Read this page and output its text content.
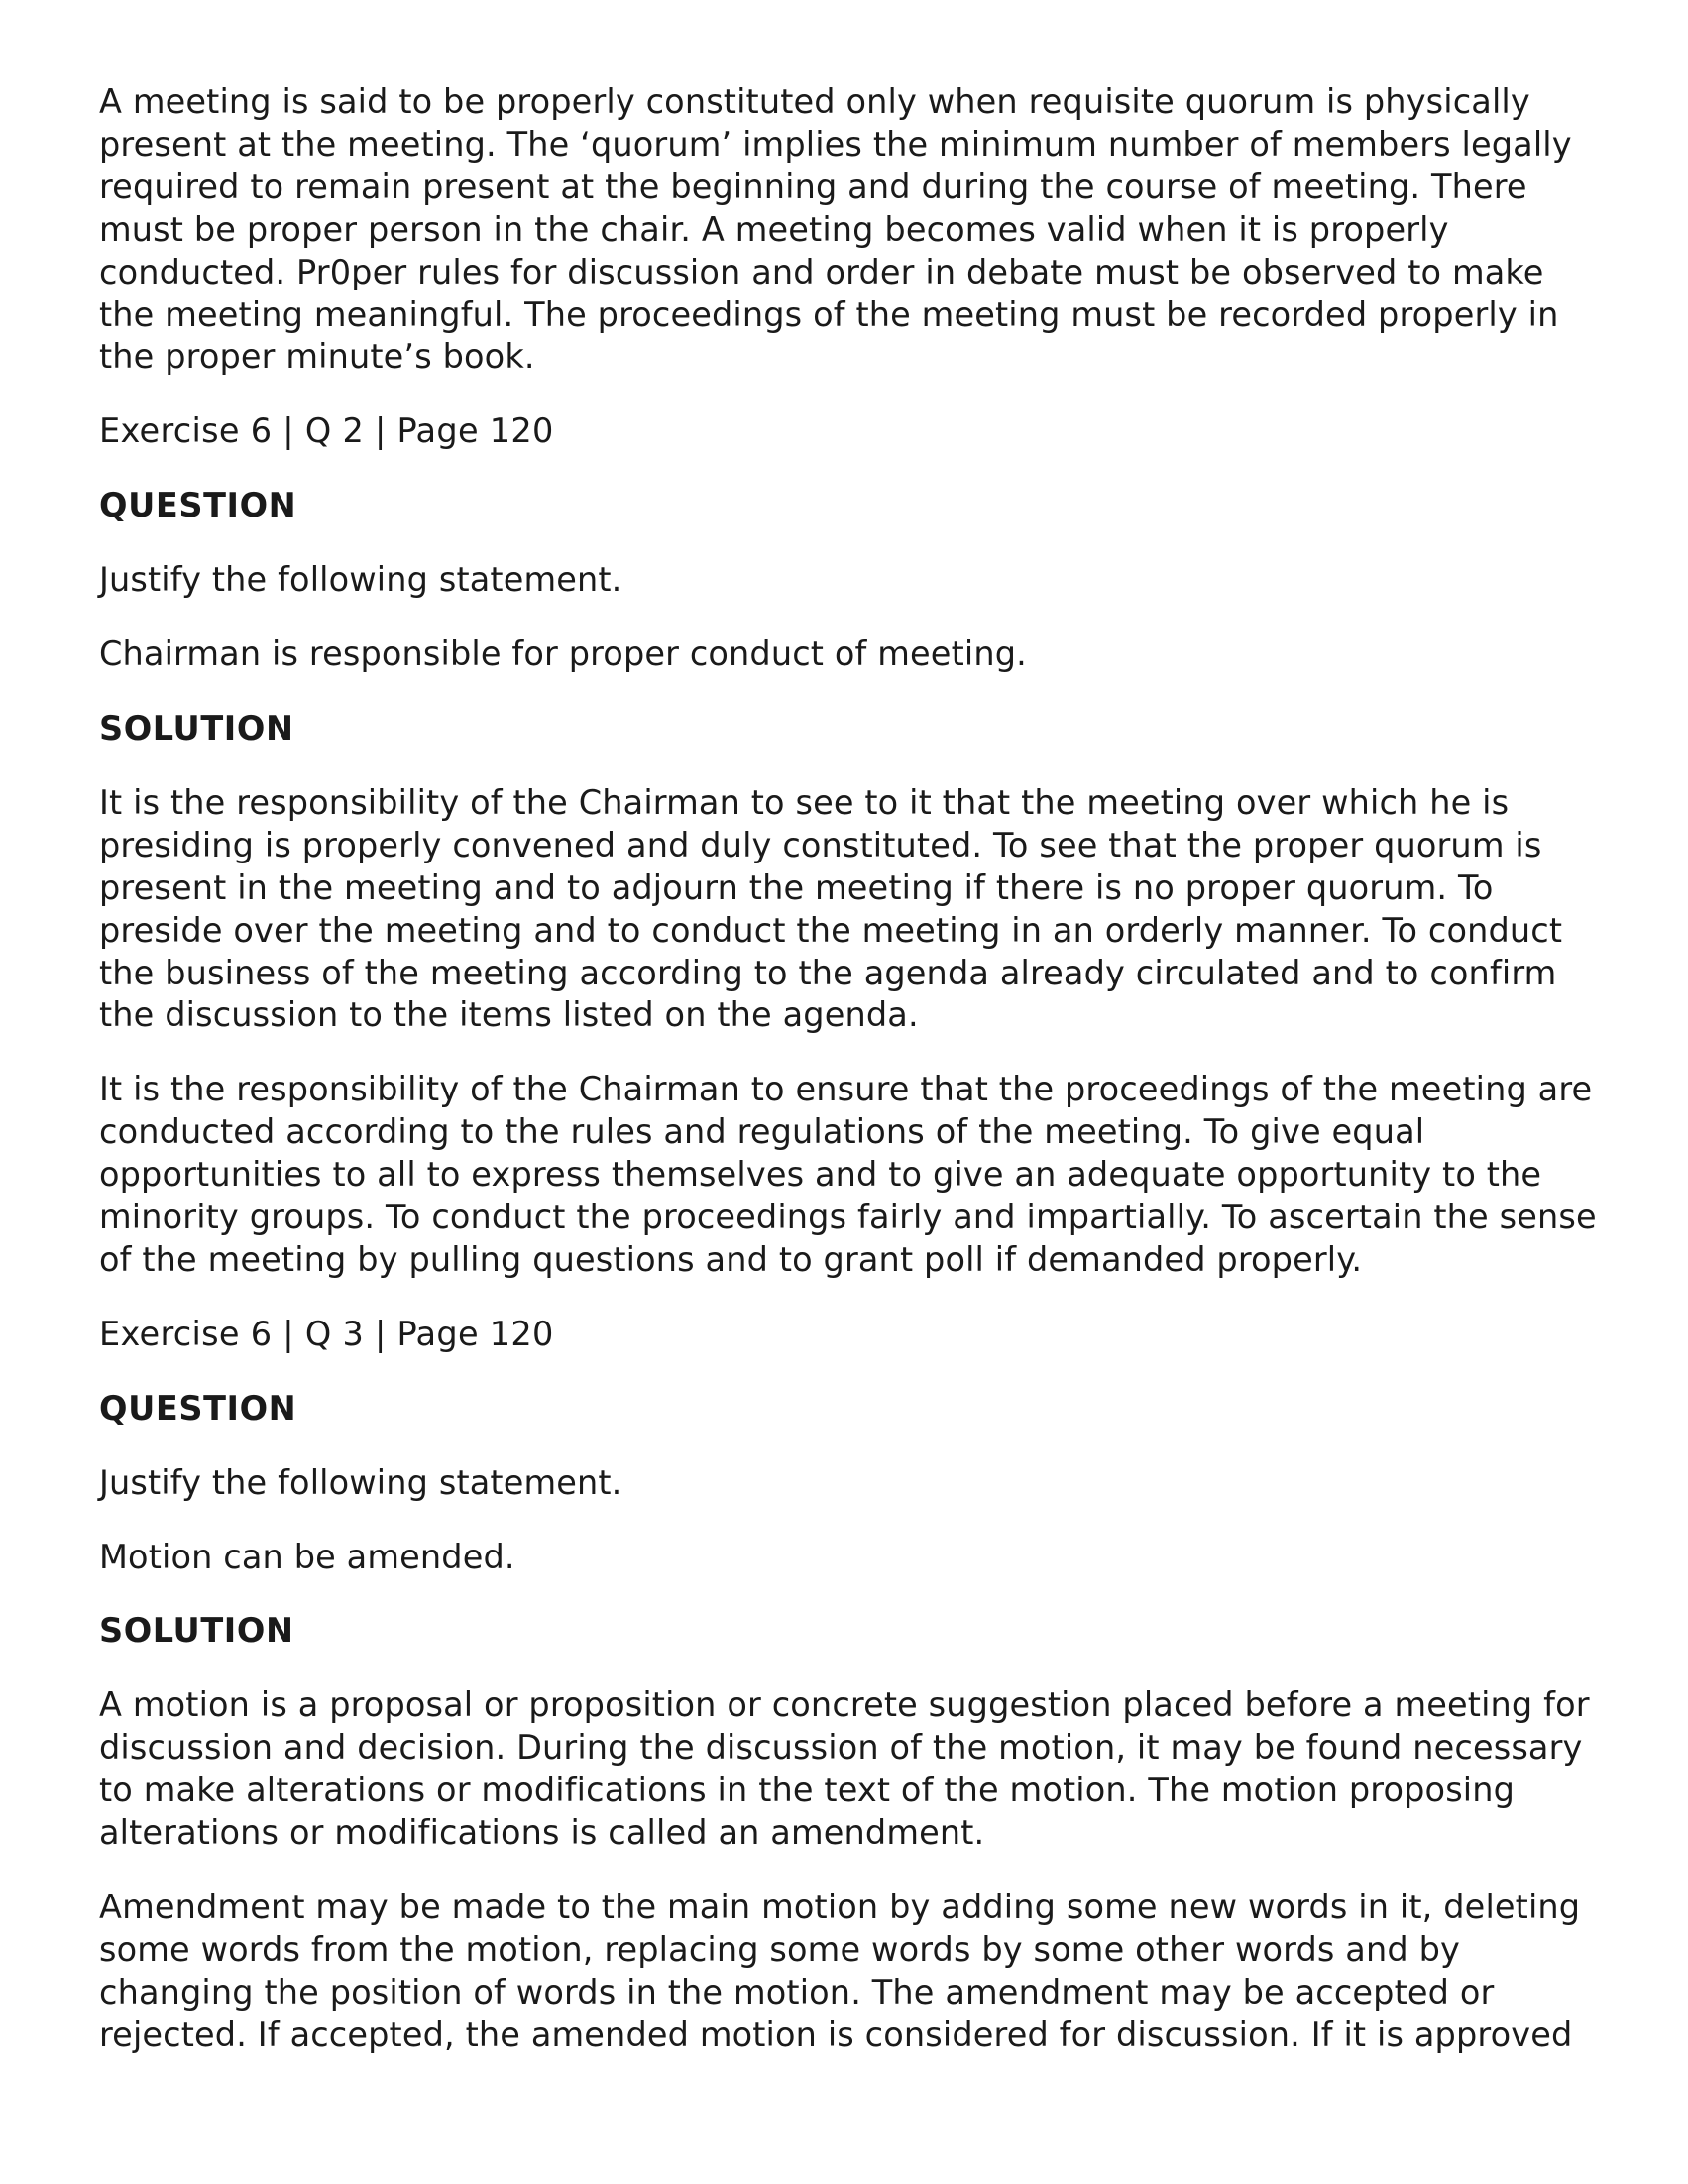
A meeting is said to be properly constituted only when requisite quorum is physically
present at the meeting. The ‘quorum’ implies the minimum number of members legally
required to remain present at the beginning and during the course of meeting. There
must be proper person in the chair. A meeting becomes valid when it is properly
conducted. Pr0per rules for discussion and order in debate must be observed to make
the meeting meaningful. The proceedings of the meeting must be recorded properly in
the proper minute’s book.

Exercise 6 | Q 2 | Page 120

QUESTION

Justify the following statement.

Chairman is responsible for proper conduct of meeting.

SOLUTION

It is the responsibility of the Chairman to see to it that the meeting over which he is
presiding is properly convened and duly constituted. To see that the proper quorum is
present in the meeting and to adjourn the meeting if there is no proper quorum. To
preside over the meeting and to conduct the meeting in an orderly manner. To conduct
the business of the meeting according to the agenda already circulated and to confirm
the discussion to the items listed on the agenda.

It is the responsibility of the Chairman to ensure that the proceedings of the meeting are
conducted according to the rules and regulations of the meeting. To give equal
opportunities to all to express themselves and to give an adequate opportunity to the
minority groups. To conduct the proceedings fairly and impartially. To ascertain the sense
of the meeting by pulling questions and to grant poll if demanded properly.

Exercise 6 | Q 3 | Page 120

QUESTION

Justify the following statement.

Motion can be amended.

SOLUTION

A motion is a proposal or proposition or concrete suggestion placed before a meeting for
discussion and decision. During the discussion of the motion, it may be found necessary
to make alterations or modifications in the text of the motion. The motion proposing
alterations or modifications is called an amendment.

Amendment may be made to the main motion by adding some new words in it, deleting
some words from the motion, replacing some words by some other words and by
changing the position of words in the motion. The amendment may be accepted or
rejected. If accepted, the amended motion is considered for discussion. If it is approved
